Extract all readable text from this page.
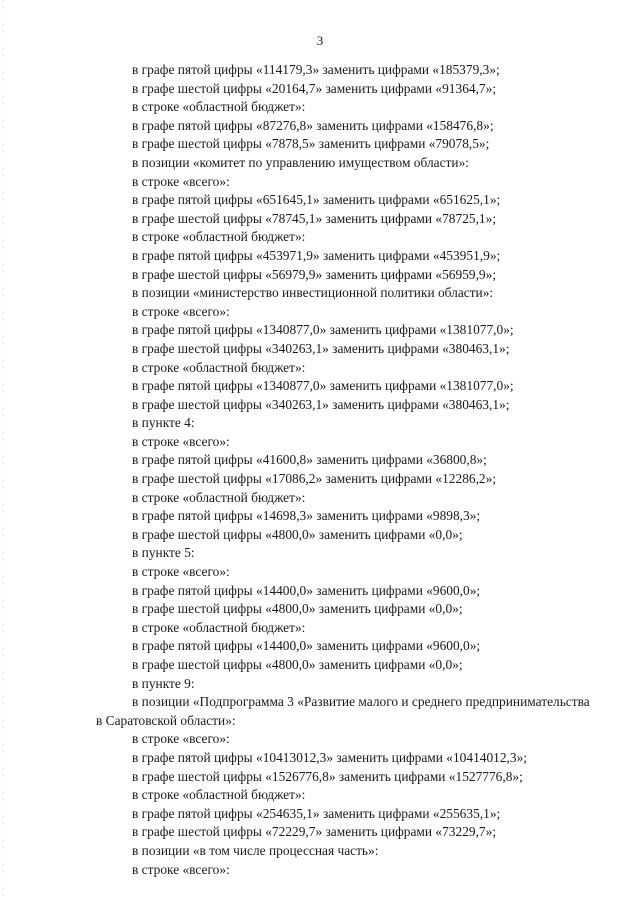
3
в графе пятой цифры «114179,3» заменить цифрами «185379,3»;
в графе шестой цифры «20164,7» заменить цифрами «91364,7»;
в строке «областной бюджет»:
в графе пятой цифры «87276,8» заменить цифрами «158476,8»;
в графе шестой цифры «7878,5» заменить цифрами «79078,5»;
в позиции «комитет по управлению имуществом области»:
в строке «всего»:
в графе пятой цифры «651645,1» заменить цифрами «651625,1»;
в графе шестой цифры «78745,1» заменить цифрами «78725,1»;
в строке «областной бюджет»:
в графе пятой цифры «453971,9» заменить цифрами «453951,9»;
в графе шестой цифры «56979,9» заменить цифрами «56959,9»;
в позиции «министерство инвестиционной политики области»:
в строке «всего»:
в графе пятой цифры «1340877,0» заменить цифрами «1381077,0»;
в графе шестой цифры «340263,1» заменить цифрами «380463,1»;
в строке «областной бюджет»:
в графе пятой цифры «1340877,0» заменить цифрами «1381077,0»;
в графе шестой цифры «340263,1» заменить цифрами «380463,1»;
в пункте 4:
в строке «всего»:
в графе пятой цифры «41600,8» заменить цифрами «36800,8»;
в графе шестой цифры «17086,2» заменить цифрами «12286,2»;
в строке «областной бюджет»:
в графе пятой цифры «14698,3» заменить цифрами «9898,3»;
в графе шестой цифры «4800,0» заменить цифрами «0,0»;
в пункте 5:
в строке «всего»:
в графе пятой цифры «14400,0» заменить цифрами «9600,0»;
в графе шестой цифры «4800,0» заменить цифрами «0,0»;
в строке «областной бюджет»:
в графе пятой цифры «14400,0» заменить цифрами «9600,0»;
в графе шестой цифры «4800,0» заменить цифрами «0,0»;
в пункте 9:
в позиции «Подпрограмма 3 «Развитие малого и среднего предпринимательства
в Саратовской области»:
в строке «всего»:
в графе пятой цифры «10413012,3» заменить цифрами «10414012,3»;
в графе шестой цифры «1526776,8» заменить цифрами «1527776,8»;
в строке «областной бюджет»:
в графе пятой цифры «254635,1» заменить цифрами «255635,1»;
в графе шестой цифры «72229,7» заменить цифрами «73229,7»;
в позиции «в том числе процессная часть»:
в строке «всего»:
